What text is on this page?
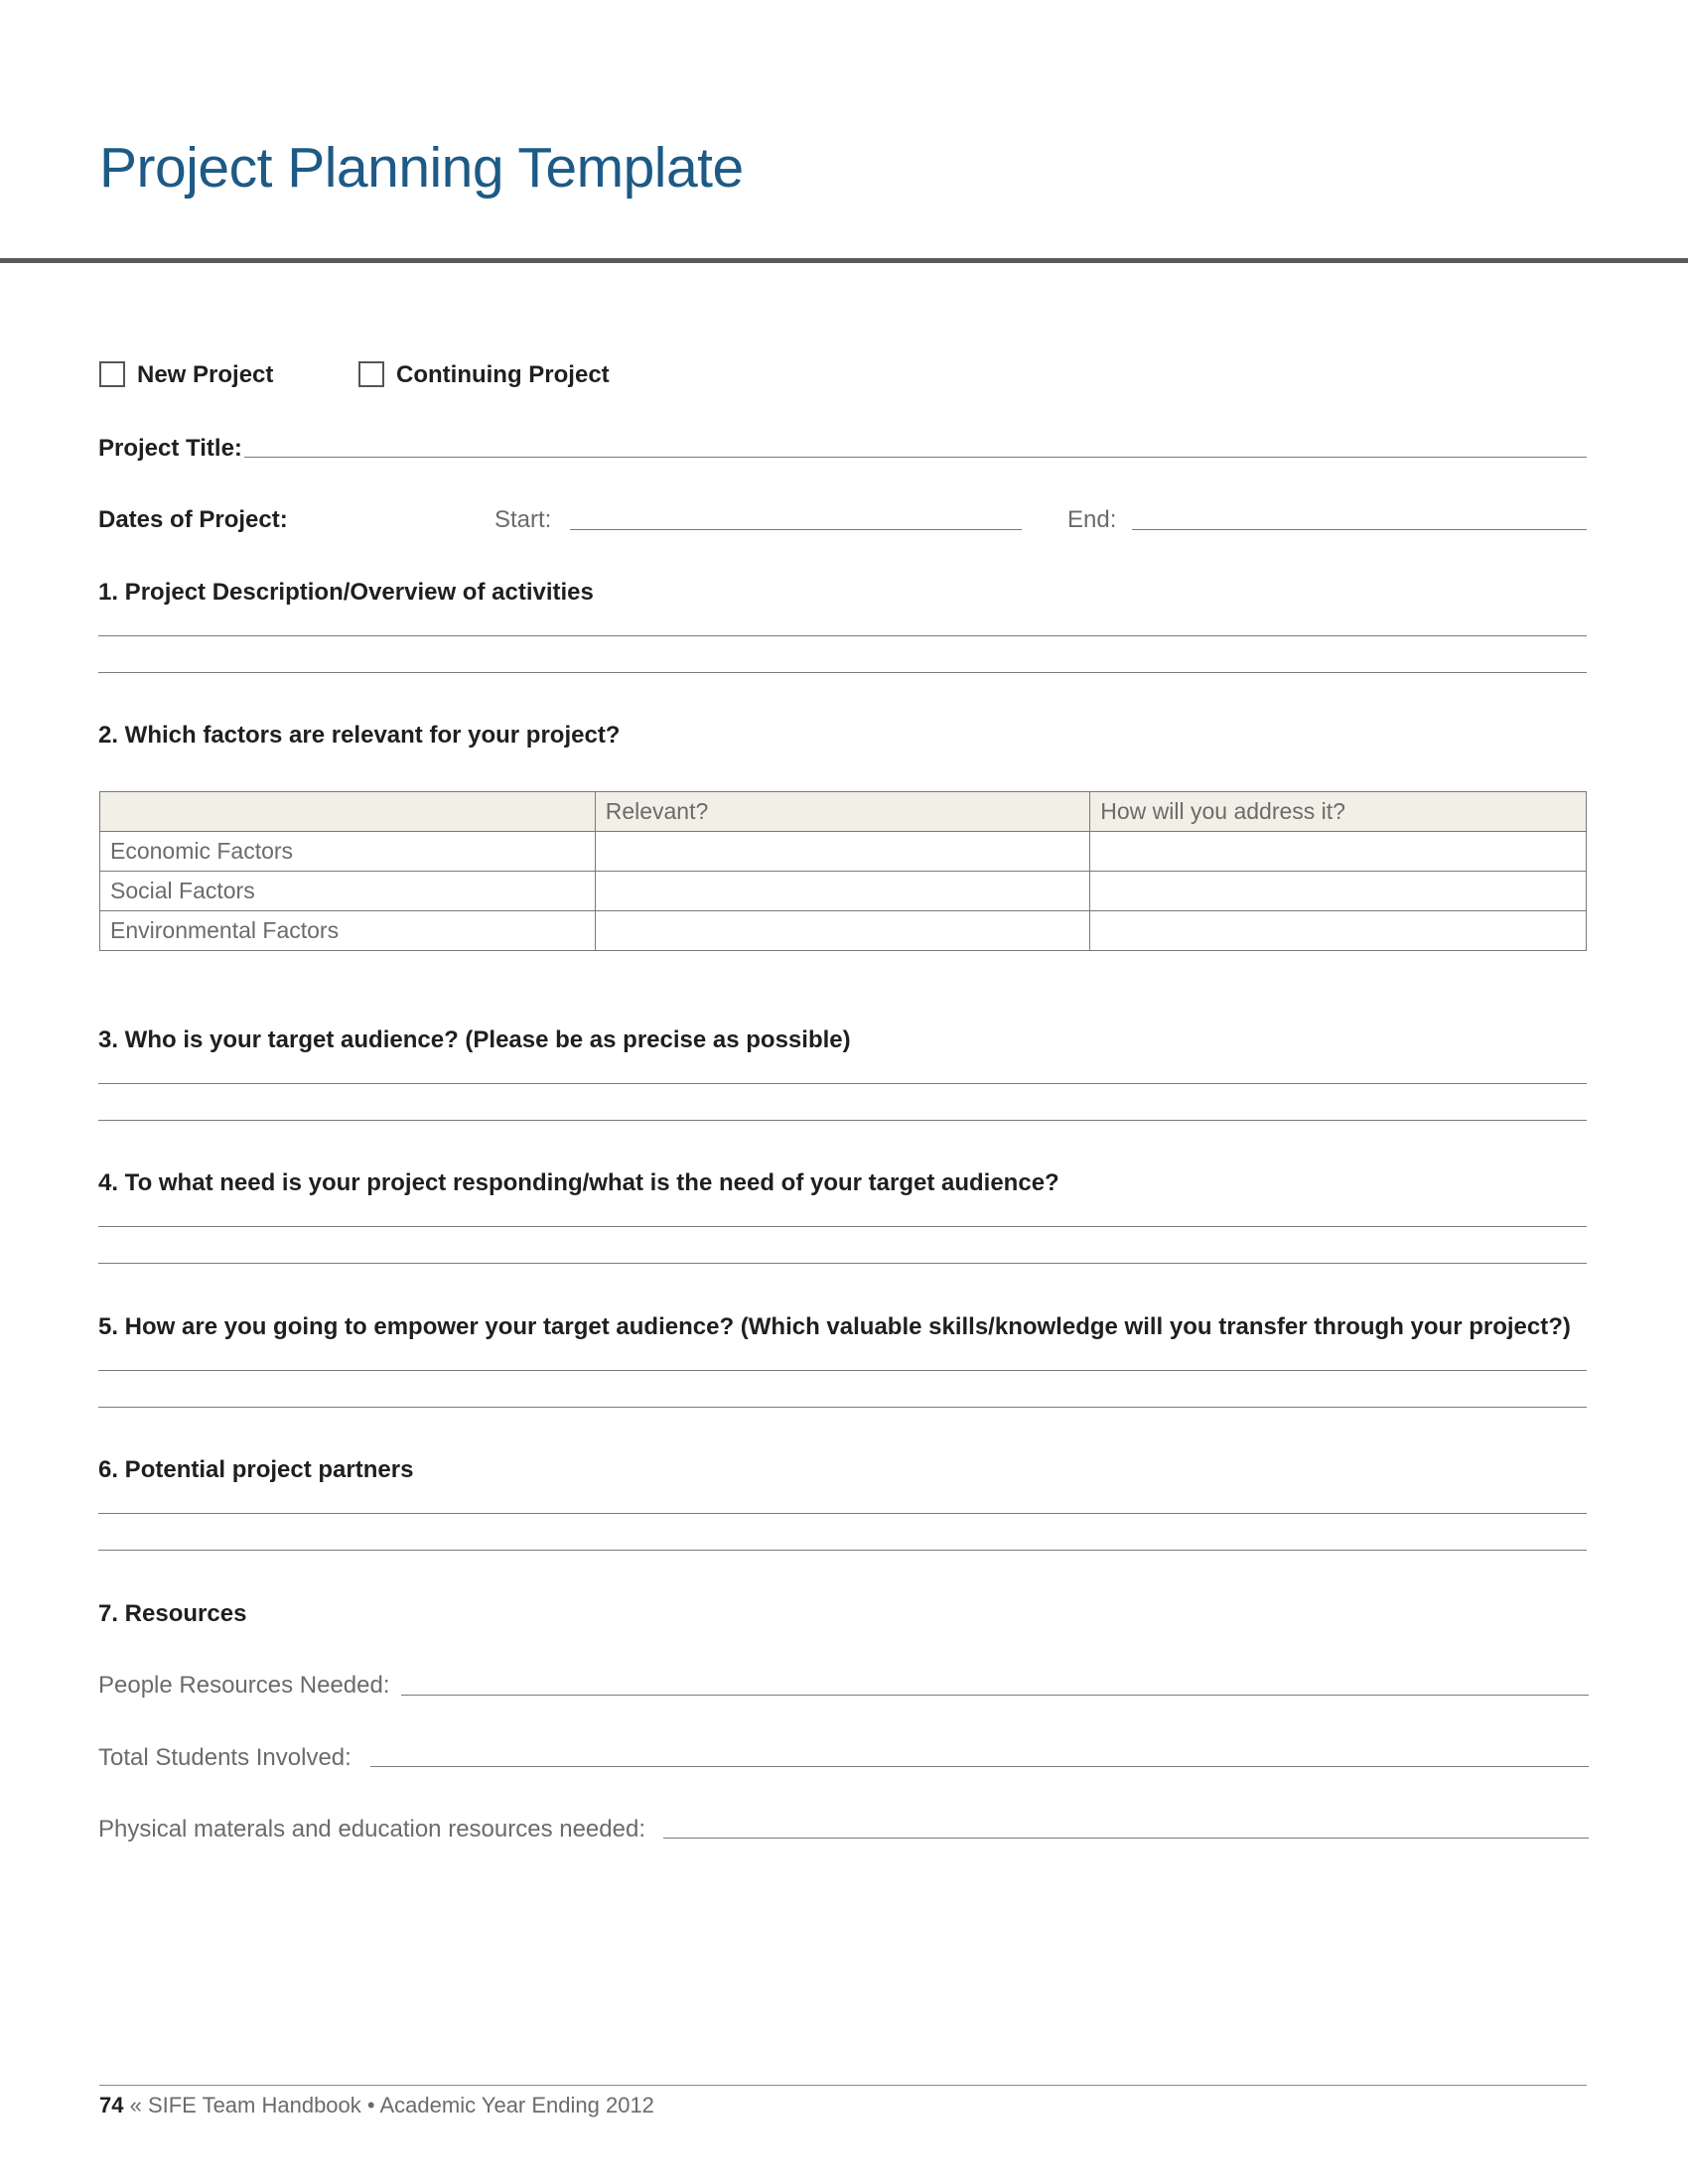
Project Planning Template
New Project	Continuing Project
Project Title:
Dates of Project:	Start:	End:
1. Project Description/Overview of activities
2. Which factors are relevant for your project?
	Relevant?	How will you address it?
Economic Factors		
Social Factors		
Environmental Factors		
3. Who is your target audience? (Please be as precise as possible)
4. To what need is your project responding/what is the need of your target audience?
5. How are you going to empower your target audience? (Which valuable skills/knowledge will you transfer through your project?)
6. Potential project partners
7. Resources
People Resources Needed:
Total Students Involved:
Physical materals and education resources needed:
74 « SIFE Team Handbook • Academic Year Ending 2012
